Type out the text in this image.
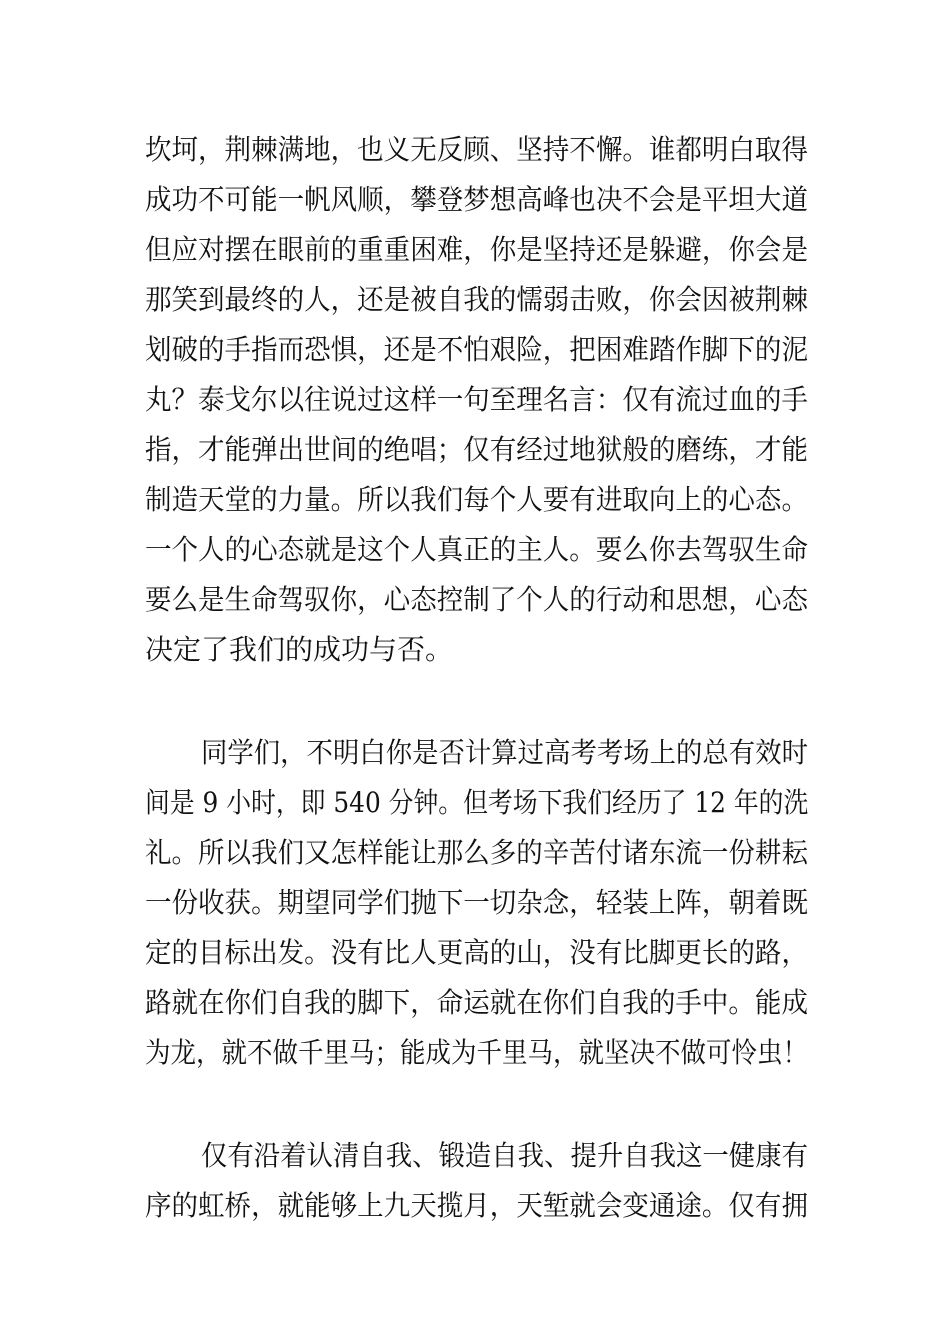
坎坷，荆棘满地，也义无反顾、坚持不懈。谁都明白取得
成功不可能一帆风顺，攀登梦想高峰也决不会是平坦大道
但应对摆在眼前的重重困难，你是坚持还是躲避，你会是
那笑到最终的人，还是被自我的懦弱击败，你会因被荆棘
划破的手指而恐惧，还是不怕艰险，把困难踏作脚下的泥
丸？泰戈尔以往说过这样一句至理名言：仅有流过血的手
指，才能弹出世间的绝唱；仅有经过地狱般的磨练，才能
制造天堂的力量。所以我们每个人要有进取向上的心态。
一个人的心态就是这个人真正的主人。要么你去驾驭生命
要么是生命驾驭你，心态控制了个人的行动和思想，心态
决定了我们的成功与否。
同学们，不明白你是否计算过高考考场上的总有效时
间是 9 小时，即 540 分钟。但考场下我们经历了 12 年的洗
礼。所以我们又怎样能让那么多的辛苦付诸东流一份耕耘
一份收获。期望同学们抛下一切杂念，轻装上阵，朝着既
定的目标出发。没有比人更高的山，没有比脚更长的路，
路就在你们自我的脚下，命运就在你们自我的手中。能成
为龙，就不做千里马；能成为千里马，就坚决不做可怜虫！
仅有沿着认清自我、锻造自我、提升自我这一健康有
序的虹桥，就能够上九天揽月，天堑就会变通途。仅有拥
